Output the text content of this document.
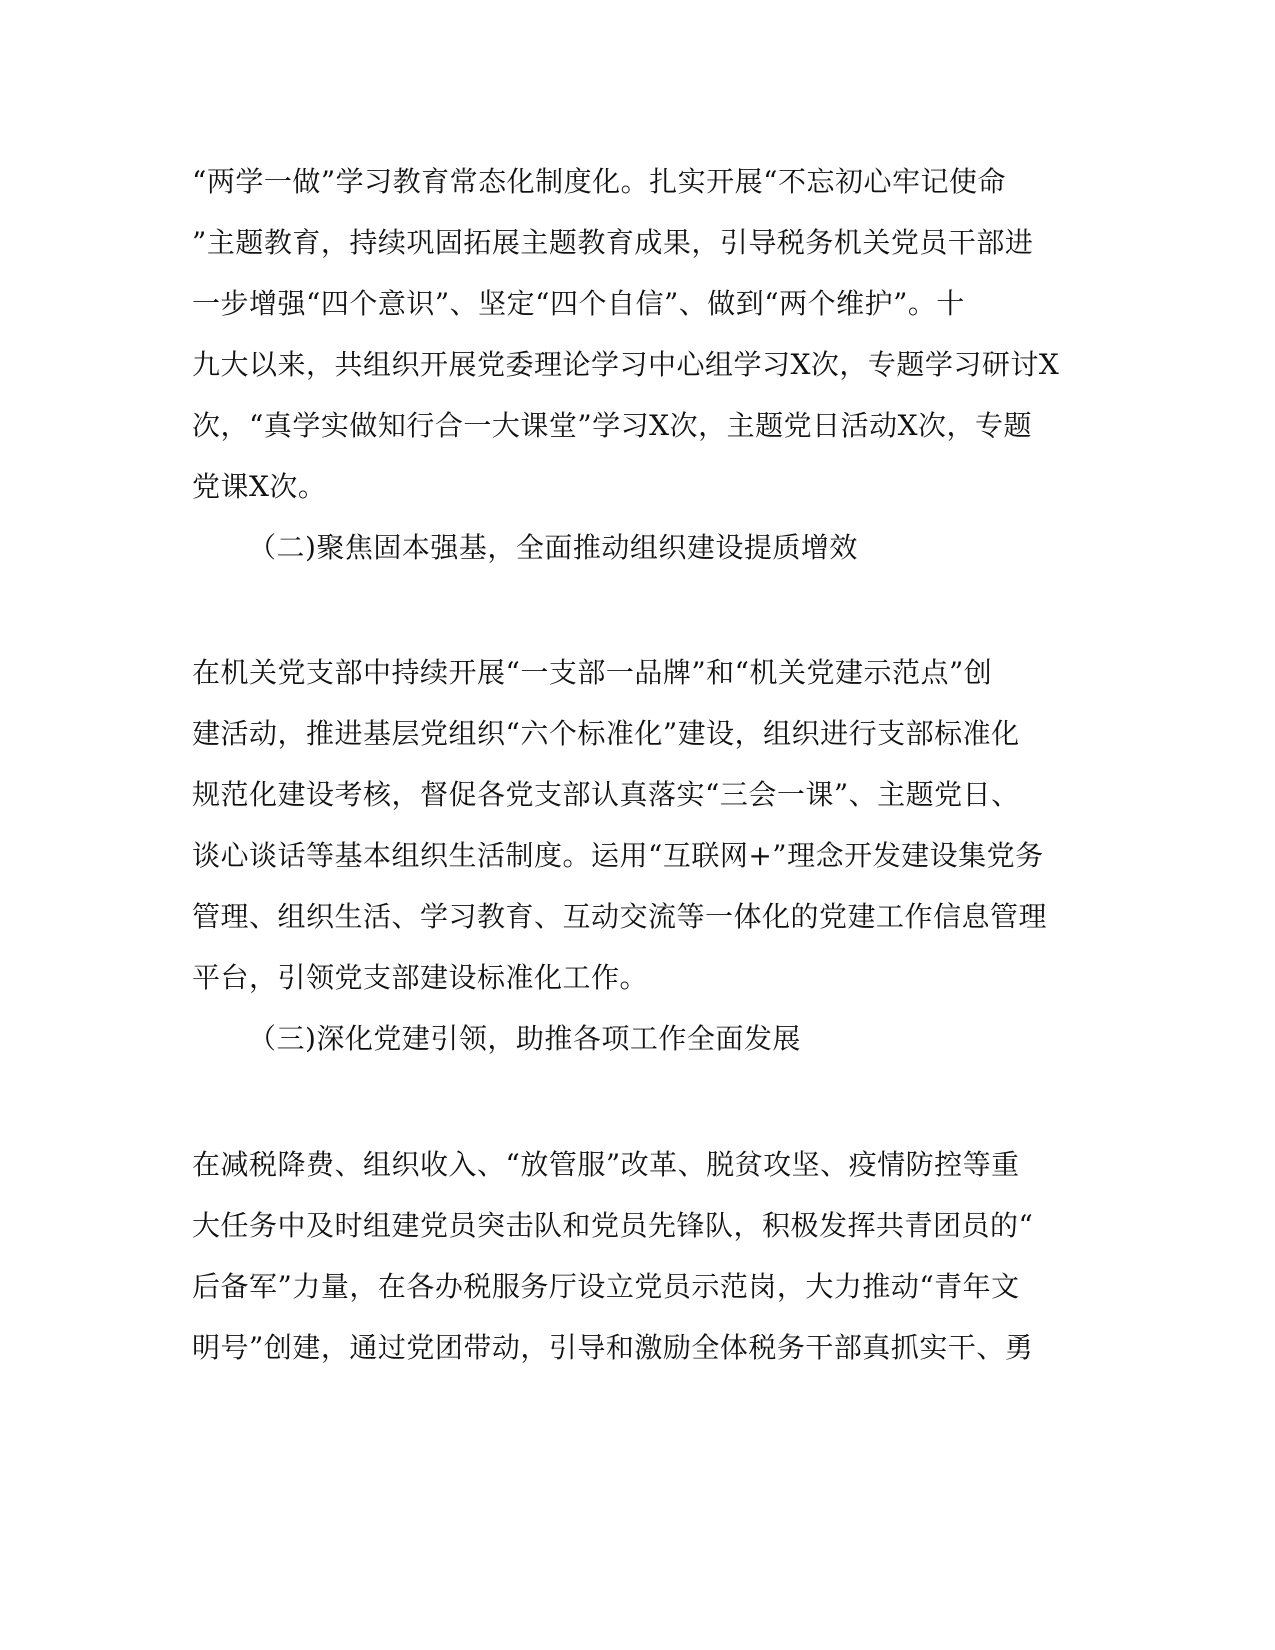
“两学一做”学习教育常态化制度化。扎实开展“不忘初心牢记使命
”主题教育，持续巩固拓展主题教育成果，引导税务机关党员干部进
一步增强“四个意识”、坚定“四个自信”、做到“两个维护”。十
九大以来，共组织开展党委理论学习中心组学习X次，专题学习研讨X
次，“真学实做知行合一大课堂”学习X次，主题党日活动X次，专题
党课X次。
（二)聚焦固本强基，全面推动组织建设提质增效
在机关党支部中持续开展“一支部一品牌”和“机关党建示范点”创
建活动，推进基层党组织“六个标准化”建设，组织进行支部标准化
规范化建设考核，督促各党支部认真落实“三会一课”、主题党日、
谈心谈话等基本组织生活制度。运用“互联网+”理念开发建设集党务
管理、组织生活、学习教育、互动交流等一体化的党建工作信息管理
平台，引领党支部建设标准化工作。
（三)深化党建引领，助推各项工作全面发展
在减税降费、组织收入、“放管服”改革、脱贫攻坚、疫情防控等重
大任务中及时组建党员突击队和党员先锋队，积极发挥共青团员的“
后备军”力量，在各办税服务厅设立党员示范岗，大力推动“青年文
明号”创建，通过党团带动，引导和激励全体税务干部真抓实干、勇
